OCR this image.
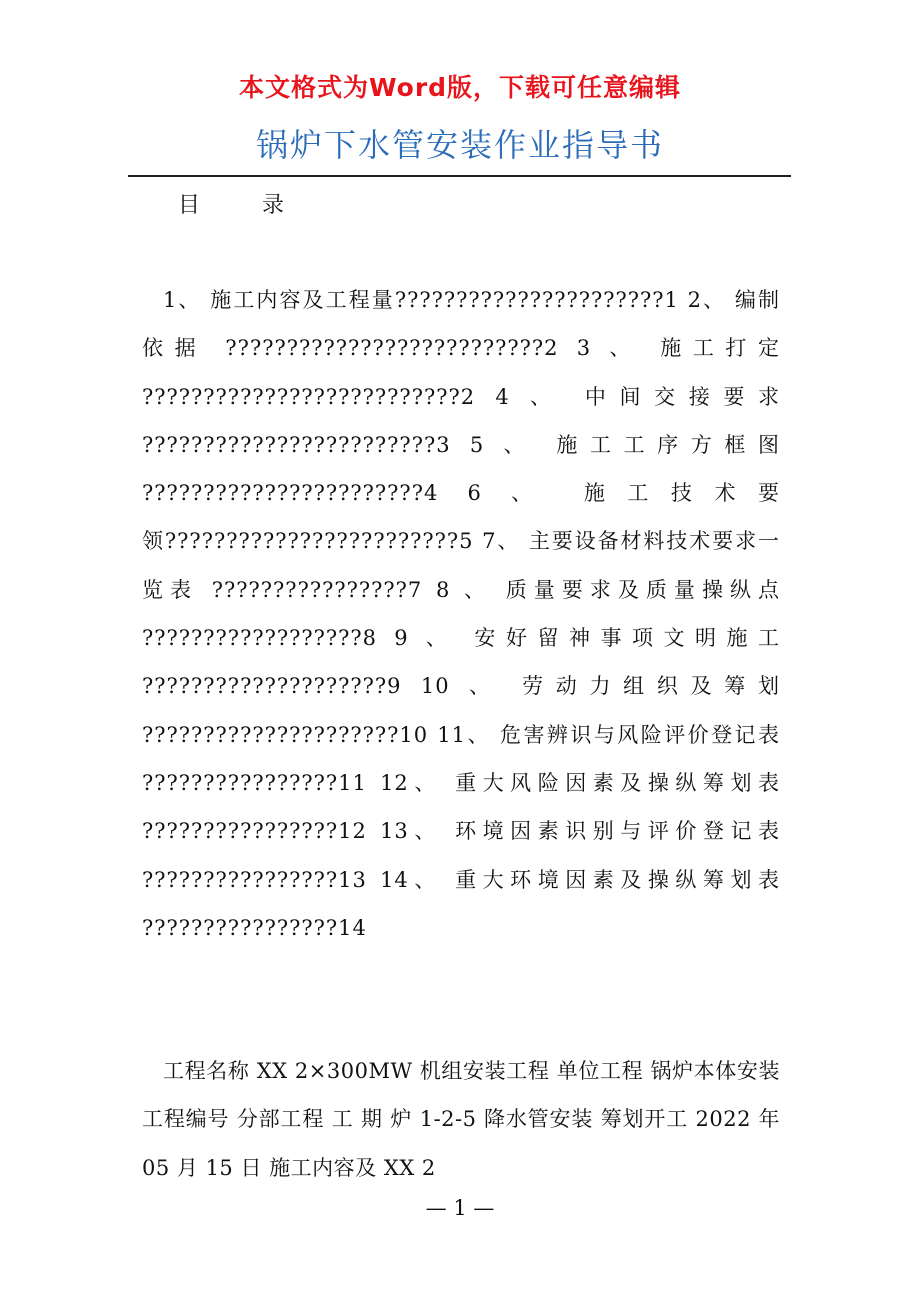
本文格式为Word版，下载可任意编辑
锅炉下水管安装作业指导书
目	录
1、 施工内容及工程量??????????????????????1 2、 编制依据 ??????????????????????????2 3 、 施工打定 ??????????????????????????2 4 、 中间交接要求 ????????????????????????3 5 、 施工工序方框图 ???????????????????????4 6 、 施工技术要领????????????????????????5 7、 主要设备材料技术要求一览表 ????????????????7 8 、 质量要求及质量操纵点 ??????????????????8 9 、 安好留神事项文明施工 ????????????????????9 10 、 劳动力组织及筹划 ?????????????????????10 11、 危害辨识与风险评价登记表 ????????????????11 12、 重大风险因素及操纵筹划表 ????????????????12 13、 环境因素识别与评价登记表 ????????????????13 14、 重大环境因素及操纵筹划表 ????????????????14
工程名称 XX 2×300MW 机组安装工程 单位工程 锅炉本体安装 工程编号 分部工程 工 期 炉 1-2-5 降水管安装 筹划开工 2022 年 05 月 15 日 施工内容及 XX 2
— 1 —
